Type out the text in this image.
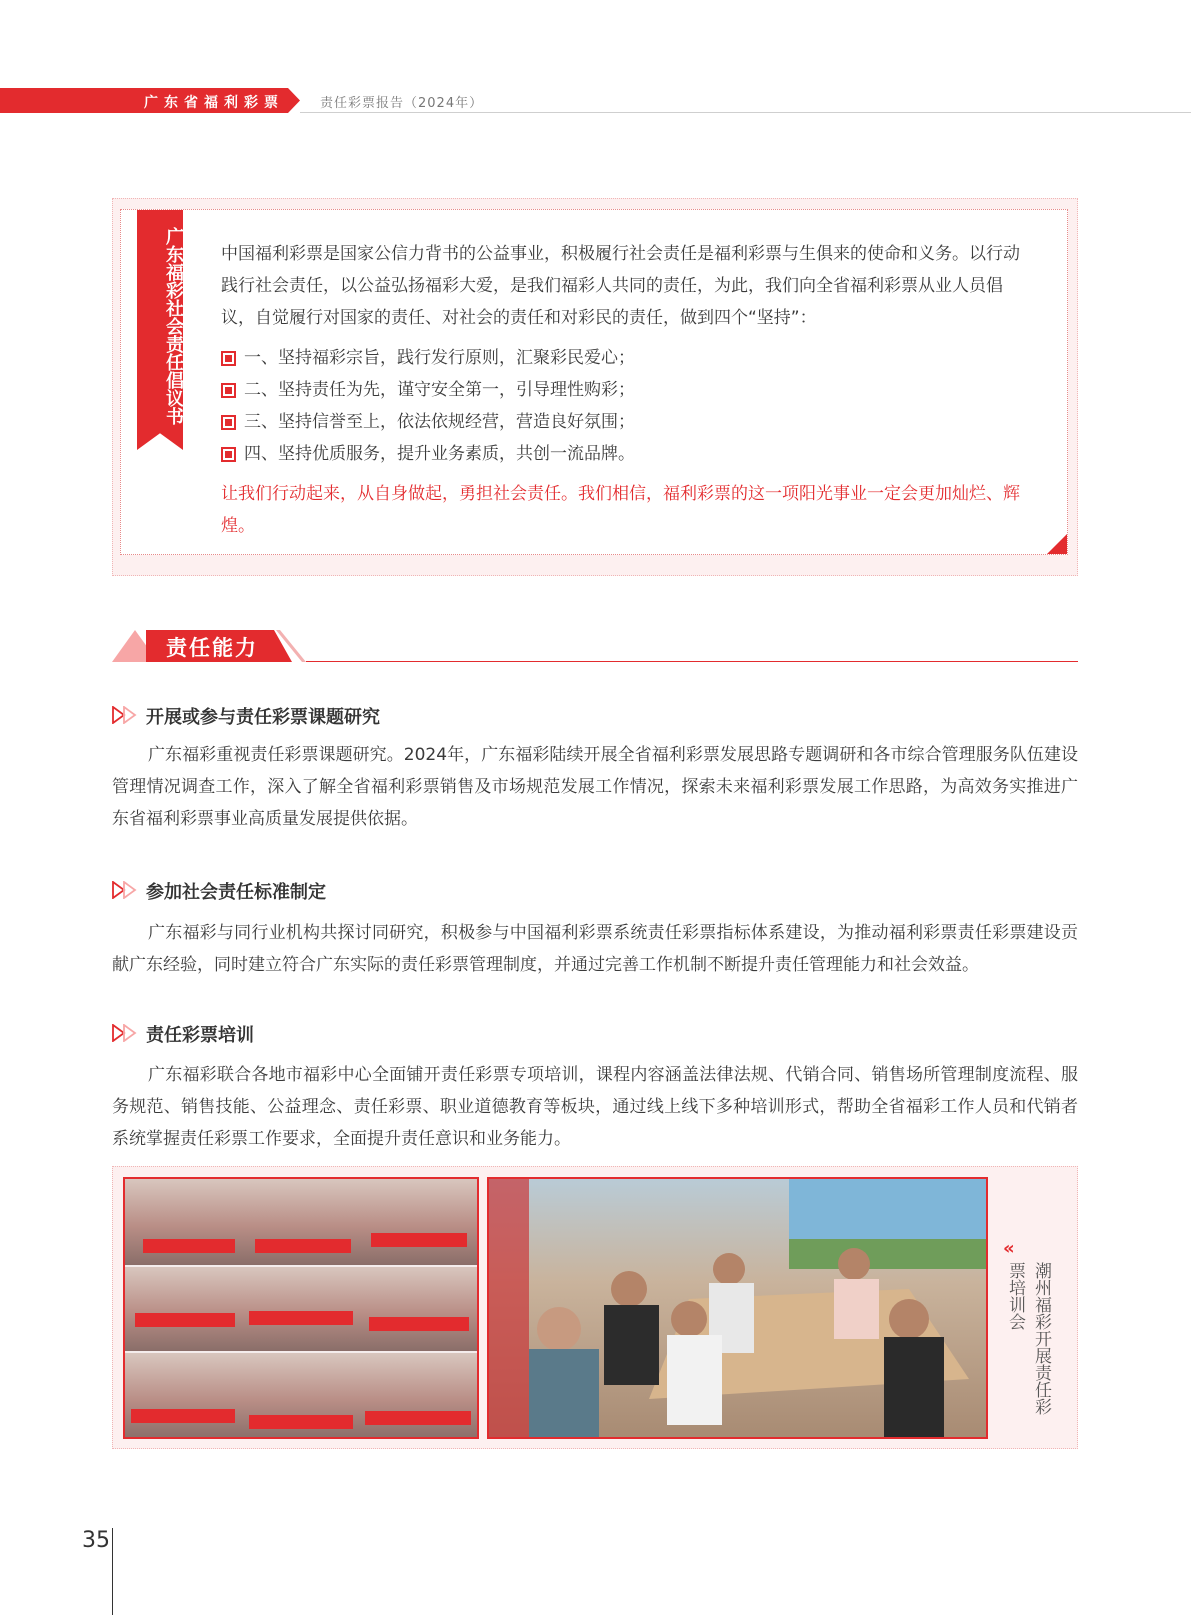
广东省福利彩票	责任彩票报告（2024年）
广东福彩社会责任倡议书 中国福利彩票是国家公信力背书的公益事业，积极履行社会责任是福利彩票与生俱来的使命和义务。以行动践行社会责任，以公益弘扬福彩大爱，是我们福彩人共同的责任，为此，我们向全省福利彩票从业人员倡议，自觉履行对国家的责任、对社会的责任和对彩民的责任，做到四个“坚持”：

一、坚持福彩宗旨，践行发行原则，汇聚彩民爱心；
二、坚持责任为先，谨守安全第一，引导理性购彩；
三、坚持信誉至上，依法依规经营，营造良好氛围；
四、坚持优质服务，提升业务素质，共创一流品牌。

让我们行动起来，从自身做起，勇担社会责任。我们相信，福利彩票的这一项阳光事业一定会更加灿烂、辉煌。

责任能力
开展或参与责任彩票课题研究

广东福彩重视责任彩票课题研究。2024年，广东福彩陆续开展全省福利彩票发展思路专题调研和各市综合管理服务队伍建设管理情况调查工作，深入了解全省福利彩票销售及市场规范发展工作情况，探索未来福利彩票发展工作思路，为高效务实推进广东省福利彩票事业高质量发展提供依据。

参加社会责任标准制定

广东福彩与同行业机构共探讨同研究，积极参与中国福利彩票系统责任彩票指标体系建设，为推动福利彩票责任彩票建设贡献广东经验，同时建立符合广东实际的责任彩票管理制度，并通过完善工作机制不断提升责任管理能力和社会效益。

责任彩票培训

广东福彩联合各地市福彩中心全面铺开责任彩票专项培训，课程内容涵盖法律法规、代销合同、销售场所管理制度流程、服务规范、销售技能、公益理念、责任彩票、职业道德教育等板块，通过线上线下多种培训形式，帮助全省福彩工作人员和代销者系统掌握责任彩票工作要求，全面提升责任意识和业务能力。

«
潮州福彩开展责任彩票培训会
35
